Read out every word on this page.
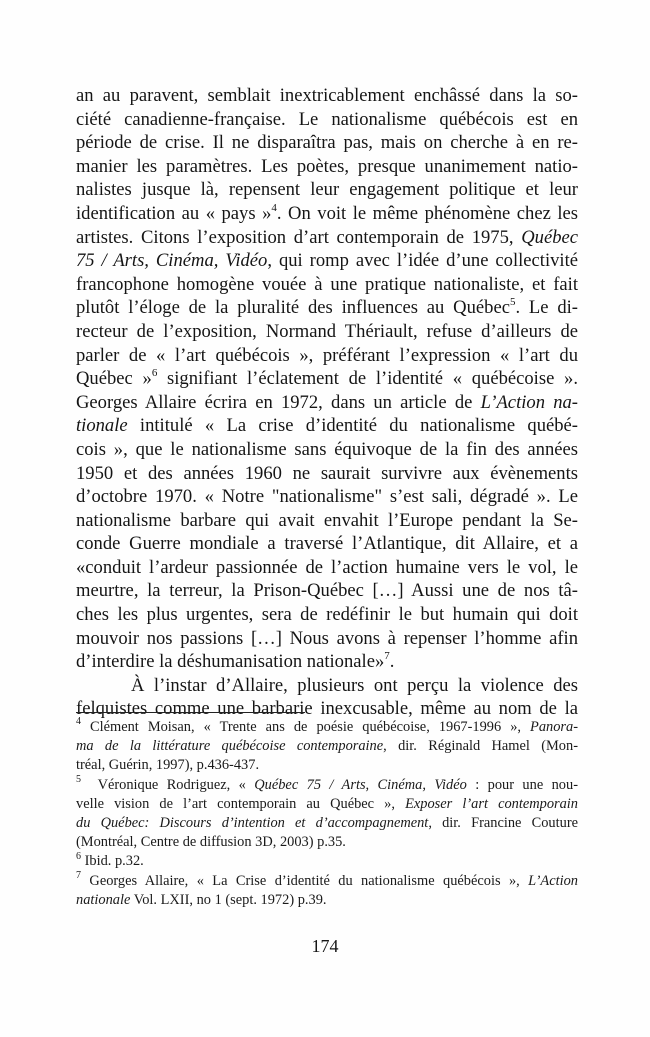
an au paravent, semblait inextricablement enchâssé dans la so-
ciété canadienne-française. Le nationalisme québécois est en
période de crise. Il ne disparaîtra pas, mais on cherche à en re-
manier les paramètres. Les poètes, presque unanimement natio-
nalistes jusque là, repensent leur engagement politique et leur
identification au « pays »$^4$. On voit le même phénomène chez les
artistes. Citons l’exposition d’art contemporain de 1975, Québec
75 / Arts, Cinéma, Vidéo, qui romp avec l’idée d’une collectivité
francophone homogène vouée à une pratique nationaliste, et fait
plutôt l’éloge de la pluralité des influences au Québec$^5$. Le di-
recteur de l’exposition, Normand Thériault, refuse d’ailleurs de
parler de « l’art québécois », préférant l’expression « l’art du
Québec »$^6$ signifiant l’éclatement de l’identité « québécoise ».
Georges Allaire écrira en 1972, dans un article de L’Action na-
tionale intitulé « La crise d’identité du nationalisme québé-
cois », que le nationalisme sans équivoque de la fin des années
1950 et des années 1960 ne saurait survivre aux évènements
d’octobre 1970. « Notre "nationalisme" s’est sali, dégradé ». Le
nationalisme barbare qui avait envahit l’Europe pendant la Se-
conde Guerre mondiale a traversé l’Atlantique, dit Allaire, et a
«conduit l’ardeur passionnée de l’action humaine vers le vol, le
meurtre, la terreur, la Prison-Québec […] Aussi une de nos tâ-
ches les plus urgentes, sera de redéfinir le but humain qui doit
mouvoir nos passions […] Nous avons à repenser l’homme afin
d’interdire la déshumanisation nationale»$^7$.
À l’instar d’Allaire, plusieurs ont perçu la violence des
felquistes comme une barbarie inexcusable, même au nom de la
$^4$ Clément Moisan, « Trente ans de poésie québécoise, 1967-1996 », Panora-
ma de la littérature québécoise contemporaine, dir. Réginald Hamel (Mon-
tréal, Guérin, 1997), p.436-437.
$^5$ Véronique Rodriguez, « Québec 75 / Arts, Cinéma, Vidéo : pour une nou-
velle vision de l’art contemporain au Québec », Exposer l’art contemporain
du Québec: Discours d’intention et d’accompagnement, dir. Francine Couture
(Montréal, Centre de diffusion 3D, 2003) p.35.
$^6$ Ibid. p.32.
$^7$ Georges Allaire, « La Crise d’identité du nationalisme québécois », L’Action
nationale Vol. LXII, no 1 (sept. 1972) p.39.
174
